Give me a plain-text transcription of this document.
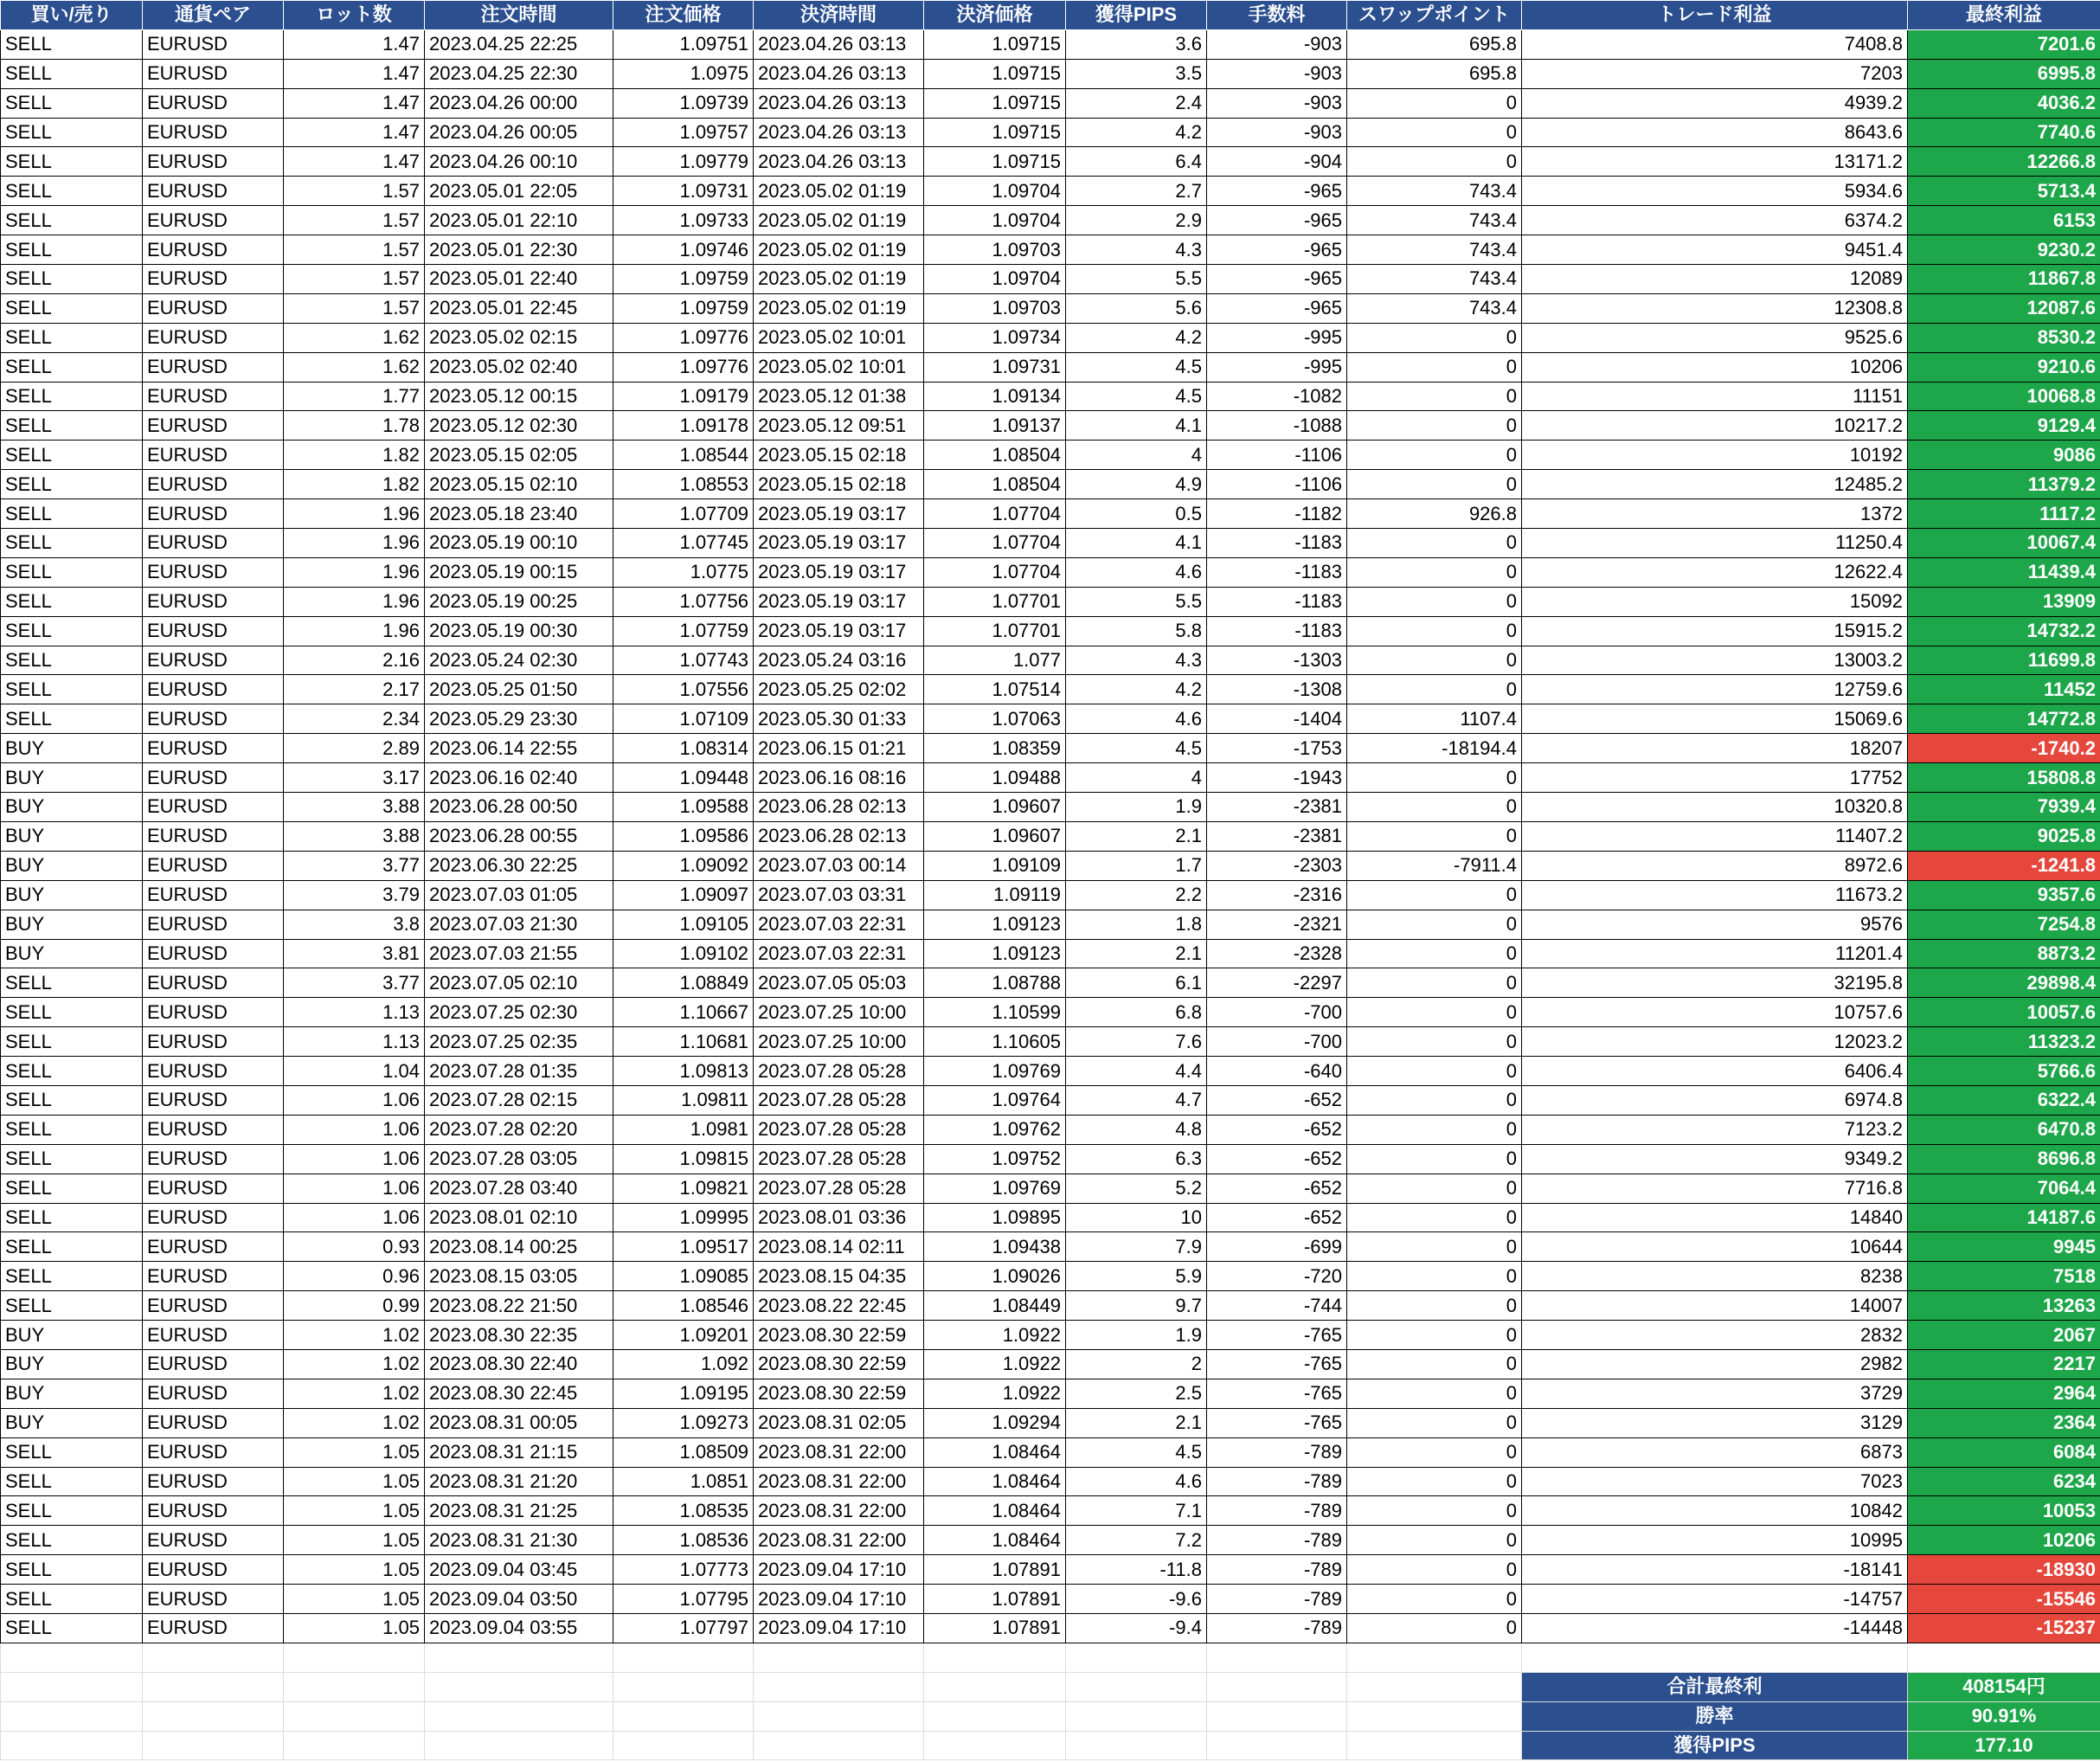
買い/売り	通貨ペア	ロット数	注文時間	注文価格	決済時間	決済価格	獲得PIPS	手数料	スワップポイント	トレード利益	最終利益
SELL	EURUSD	1.47	2023.04.25 22:25	1.09751	2023.04.26 03:13	1.09715	3.6	-903	695.8	7408.8	7201.6
SELL	EURUSD	1.47	2023.04.25 22:30	1.0975	2023.04.26 03:13	1.09715	3.5	-903	695.8	7203	6995.8
SELL	EURUSD	1.47	2023.04.26 00:00	1.09739	2023.04.26 03:13	1.09715	2.4	-903	0	4939.2	4036.2
SELL	EURUSD	1.47	2023.04.26 00:05	1.09757	2023.04.26 03:13	1.09715	4.2	-903	0	8643.6	7740.6
SELL	EURUSD	1.47	2023.04.26 00:10	1.09779	2023.04.26 03:13	1.09715	6.4	-904	0	13171.2	12266.8
SELL	EURUSD	1.57	2023.05.01 22:05	1.09731	2023.05.02 01:19	1.09704	2.7	-965	743.4	5934.6	5713.4
SELL	EURUSD	1.57	2023.05.01 22:10	1.09733	2023.05.02 01:19	1.09704	2.9	-965	743.4	6374.2	6153
SELL	EURUSD	1.57	2023.05.01 22:30	1.09746	2023.05.02 01:19	1.09703	4.3	-965	743.4	9451.4	9230.2
SELL	EURUSD	1.57	2023.05.01 22:40	1.09759	2023.05.02 01:19	1.09704	5.5	-965	743.4	12089	11867.8
SELL	EURUSD	1.57	2023.05.01 22:45	1.09759	2023.05.02 01:19	1.09703	5.6	-965	743.4	12308.8	12087.6
SELL	EURUSD	1.62	2023.05.02 02:15	1.09776	2023.05.02 10:01	1.09734	4.2	-995	0	9525.6	8530.2
SELL	EURUSD	1.62	2023.05.02 02:40	1.09776	2023.05.02 10:01	1.09731	4.5	-995	0	10206	9210.6
SELL	EURUSD	1.77	2023.05.12 00:15	1.09179	2023.05.12 01:38	1.09134	4.5	-1082	0	11151	10068.8
SELL	EURUSD	1.78	2023.05.12 02:30	1.09178	2023.05.12 09:51	1.09137	4.1	-1088	0	10217.2	9129.4
SELL	EURUSD	1.82	2023.05.15 02:05	1.08544	2023.05.15 02:18	1.08504	4	-1106	0	10192	9086
SELL	EURUSD	1.82	2023.05.15 02:10	1.08553	2023.05.15 02:18	1.08504	4.9	-1106	0	12485.2	11379.2
SELL	EURUSD	1.96	2023.05.18 23:40	1.07709	2023.05.19 03:17	1.07704	0.5	-1182	926.8	1372	1117.2
SELL	EURUSD	1.96	2023.05.19 00:10	1.07745	2023.05.19 03:17	1.07704	4.1	-1183	0	11250.4	10067.4
SELL	EURUSD	1.96	2023.05.19 00:15	1.0775	2023.05.19 03:17	1.07704	4.6	-1183	0	12622.4	11439.4
SELL	EURUSD	1.96	2023.05.19 00:25	1.07756	2023.05.19 03:17	1.07701	5.5	-1183	0	15092	13909
SELL	EURUSD	1.96	2023.05.19 00:30	1.07759	2023.05.19 03:17	1.07701	5.8	-1183	0	15915.2	14732.2
SELL	EURUSD	2.16	2023.05.24 02:30	1.07743	2023.05.24 03:16	1.077	4.3	-1303	0	13003.2	11699.8
SELL	EURUSD	2.17	2023.05.25 01:50	1.07556	2023.05.25 02:02	1.07514	4.2	-1308	0	12759.6	11452
SELL	EURUSD	2.34	2023.05.29 23:30	1.07109	2023.05.30 01:33	1.07063	4.6	-1404	1107.4	15069.6	14772.8
BUY	EURUSD	2.89	2023.06.14 22:55	1.08314	2023.06.15 01:21	1.08359	4.5	-1753	-18194.4	18207	-1740.2
BUY	EURUSD	3.17	2023.06.16 02:40	1.09448	2023.06.16 08:16	1.09488	4	-1943	0	17752	15808.8
BUY	EURUSD	3.88	2023.06.28 00:50	1.09588	2023.06.28 02:13	1.09607	1.9	-2381	0	10320.8	7939.4
BUY	EURUSD	3.88	2023.06.28 00:55	1.09586	2023.06.28 02:13	1.09607	2.1	-2381	0	11407.2	9025.8
BUY	EURUSD	3.77	2023.06.30 22:25	1.09092	2023.07.03 00:14	1.09109	1.7	-2303	-7911.4	8972.6	-1241.8
BUY	EURUSD	3.79	2023.07.03 01:05	1.09097	2023.07.03 03:31	1.09119	2.2	-2316	0	11673.2	9357.6
BUY	EURUSD	3.8	2023.07.03 21:30	1.09105	2023.07.03 22:31	1.09123	1.8	-2321	0	9576	7254.8
BUY	EURUSD	3.81	2023.07.03 21:55	1.09102	2023.07.03 22:31	1.09123	2.1	-2328	0	11201.4	8873.2
SELL	EURUSD	3.77	2023.07.05 02:10	1.08849	2023.07.05 05:03	1.08788	6.1	-2297	0	32195.8	29898.4
SELL	EURUSD	1.13	2023.07.25 02:30	1.10667	2023.07.25 10:00	1.10599	6.8	-700	0	10757.6	10057.6
SELL	EURUSD	1.13	2023.07.25 02:35	1.10681	2023.07.25 10:00	1.10605	7.6	-700	0	12023.2	11323.2
SELL	EURUSD	1.04	2023.07.28 01:35	1.09813	2023.07.28 05:28	1.09769	4.4	-640	0	6406.4	5766.6
SELL	EURUSD	1.06	2023.07.28 02:15	1.09811	2023.07.28 05:28	1.09764	4.7	-652	0	6974.8	6322.4
SELL	EURUSD	1.06	2023.07.28 02:20	1.0981	2023.07.28 05:28	1.09762	4.8	-652	0	7123.2	6470.8
SELL	EURUSD	1.06	2023.07.28 03:05	1.09815	2023.07.28 05:28	1.09752	6.3	-652	0	9349.2	8696.8
SELL	EURUSD	1.06	2023.07.28 03:40	1.09821	2023.07.28 05:28	1.09769	5.2	-652	0	7716.8	7064.4
SELL	EURUSD	1.06	2023.08.01 02:10	1.09995	2023.08.01 03:36	1.09895	10	-652	0	14840	14187.6
SELL	EURUSD	0.93	2023.08.14 00:25	1.09517	2023.08.14 02:11	1.09438	7.9	-699	0	10644	9945
SELL	EURUSD	0.96	2023.08.15 03:05	1.09085	2023.08.15 04:35	1.09026	5.9	-720	0	8238	7518
SELL	EURUSD	0.99	2023.08.22 21:50	1.08546	2023.08.22 22:45	1.08449	9.7	-744	0	14007	13263
BUY	EURUSD	1.02	2023.08.30 22:35	1.09201	2023.08.30 22:59	1.0922	1.9	-765	0	2832	2067
BUY	EURUSD	1.02	2023.08.30 22:40	1.092	2023.08.30 22:59	1.0922	2	-765	0	2982	2217
BUY	EURUSD	1.02	2023.08.30 22:45	1.09195	2023.08.30 22:59	1.0922	2.5	-765	0	3729	2964
BUY	EURUSD	1.02	2023.08.31 00:05	1.09273	2023.08.31 02:05	1.09294	2.1	-765	0	3129	2364
SELL	EURUSD	1.05	2023.08.31 21:15	1.08509	2023.08.31 22:00	1.08464	4.5	-789	0	6873	6084
SELL	EURUSD	1.05	2023.08.31 21:20	1.0851	2023.08.31 22:00	1.08464	4.6	-789	0	7023	6234
SELL	EURUSD	1.05	2023.08.31 21:25	1.08535	2023.08.31 22:00	1.08464	7.1	-789	0	10842	10053
SELL	EURUSD	1.05	2023.08.31 21:30	1.08536	2023.08.31 22:00	1.08464	7.2	-789	0	10995	10206
SELL	EURUSD	1.05	2023.09.04 03:45	1.07773	2023.09.04 17:10	1.07891	-11.8	-789	0	-18141	-18930
SELL	EURUSD	1.05	2023.09.04 03:50	1.07795	2023.09.04 17:10	1.07891	-9.6	-789	0	-14757	-15546
SELL	EURUSD	1.05	2023.09.04 03:55	1.07797	2023.09.04 17:10	1.07891	-9.4	-789	0	-14448	-15237

										合計最終利	408154円
										勝率	90.91%
										獲得PIPS	177.10
